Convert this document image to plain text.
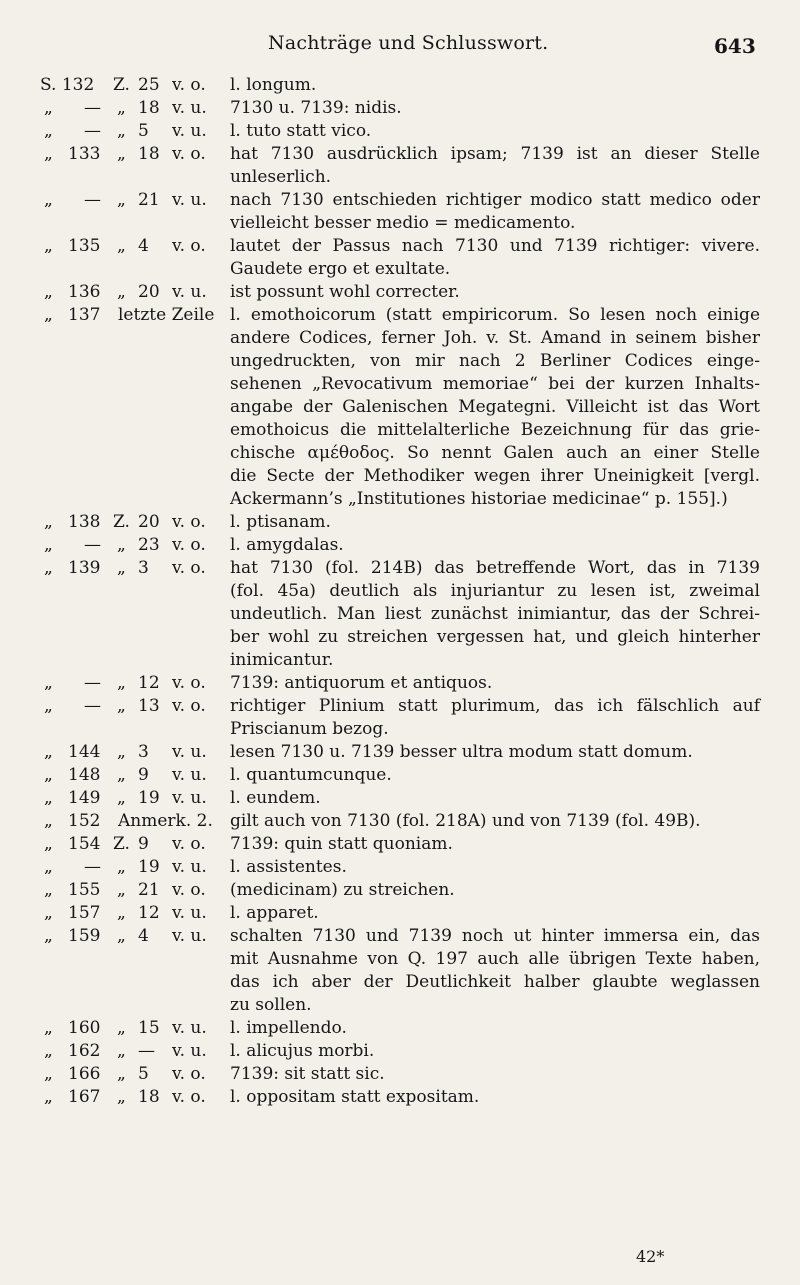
Nachträge und Schlusswort.	643
S. 132 Z. 25 v. o. l. longum.
„ — „ 18 v. u. 7130 u. 7139: nidis.
„ — „ 5 v. u. l. tuto statt vico.
„ 133 „ 18 v. o. hat 7130 ausdrücklich ipsam; 7139 ist an dieser Stelle
unleserlich.
„ — „ 21 v. u. nach 7130 entschieden richtiger modico statt medico oder
vielleicht besser medio = medicamento.
„ 135 „ 4 v. o. lautet der Passus nach 7130 und 7139 richtiger: vivere.
Gaudete ergo et exultate.
„ 136 „ 20 v. u. ist possunt wohl correcter.
„ 137 letzte Zeile l. emothoicorum (statt empiricorum. So lesen noch einige
andere Codices, ferner Joh. v. St. Amand in seinem bisher
ungedruckten, von mir nach 2 Berliner Codices einge-
sehenen „Revocativum memoriae“ bei der kurzen Inhalts-
angabe der Galenischen Megategni. Villeicht ist das Wort
emothoicus die mittelalterliche Bezeichnung für das grie-
chische αμέθοδος. So nennt Galen auch an einer Stelle
die Secte der Methodiker wegen ihrer Uneinigkeit [vergl.
Ackermann’s „Institutiones historiae medicinae“ p. 155].)
„ 138 Z. 20 v. o. l. ptisanam.
„ — „ 23 v. o. l. amygdalas.
„ 139 „ 3 v. o. hat 7130 (fol. 214B) das betreffende Wort, das in 7139
(fol. 45a) deutlich als injuriantur zu lesen ist, zweimal
undeutlich. Man liest zunächst inimiantur, das der Schrei-
ber wohl zu streichen vergessen hat, und gleich hinterher
inimicantur.
„ — „ 12 v. o. 7139: antiquorum et antiquos.
„ — „ 13 v. o. richtiger Plinium statt plurimum, das ich fälschlich auf
Priscianum bezog.
„ 144 „ 3 v. u. lesen 7130 u. 7139 besser ultra modum statt domum.
„ 148 „ 9 v. u. l. quantumcunque.
„ 149 „ 19 v. u. l. eundem.
„ 152 Anmerk. 2. gilt auch von 7130 (fol. 218A) und von 7139 (fol. 49B).
„ 154 Z. 9 v. o. 7139: quin statt quoniam.
„ — „ 19 v. u. l. assistentes.
„ 155 „ 21 v. o. (medicinam) zu streichen.
„ 157 „ 12 v. u. l. apparet.
„ 159 „ 4 v. u. schalten 7130 und 7139 noch ut hinter immersa ein, das
mit Ausnahme von Q. 197 auch alle übrigen Texte haben,
das ich aber der Deutlichkeit halber glaubte weglassen
zu sollen.
„ 160 „ 15 v. u. l. impellendo.
„ 162 „ — v. u. l. alicujus morbi.
„ 166 „ 5 v. o. 7139: sit statt sic.
„ 167 „ 18 v. o. l. oppositam statt expositam.
42*
